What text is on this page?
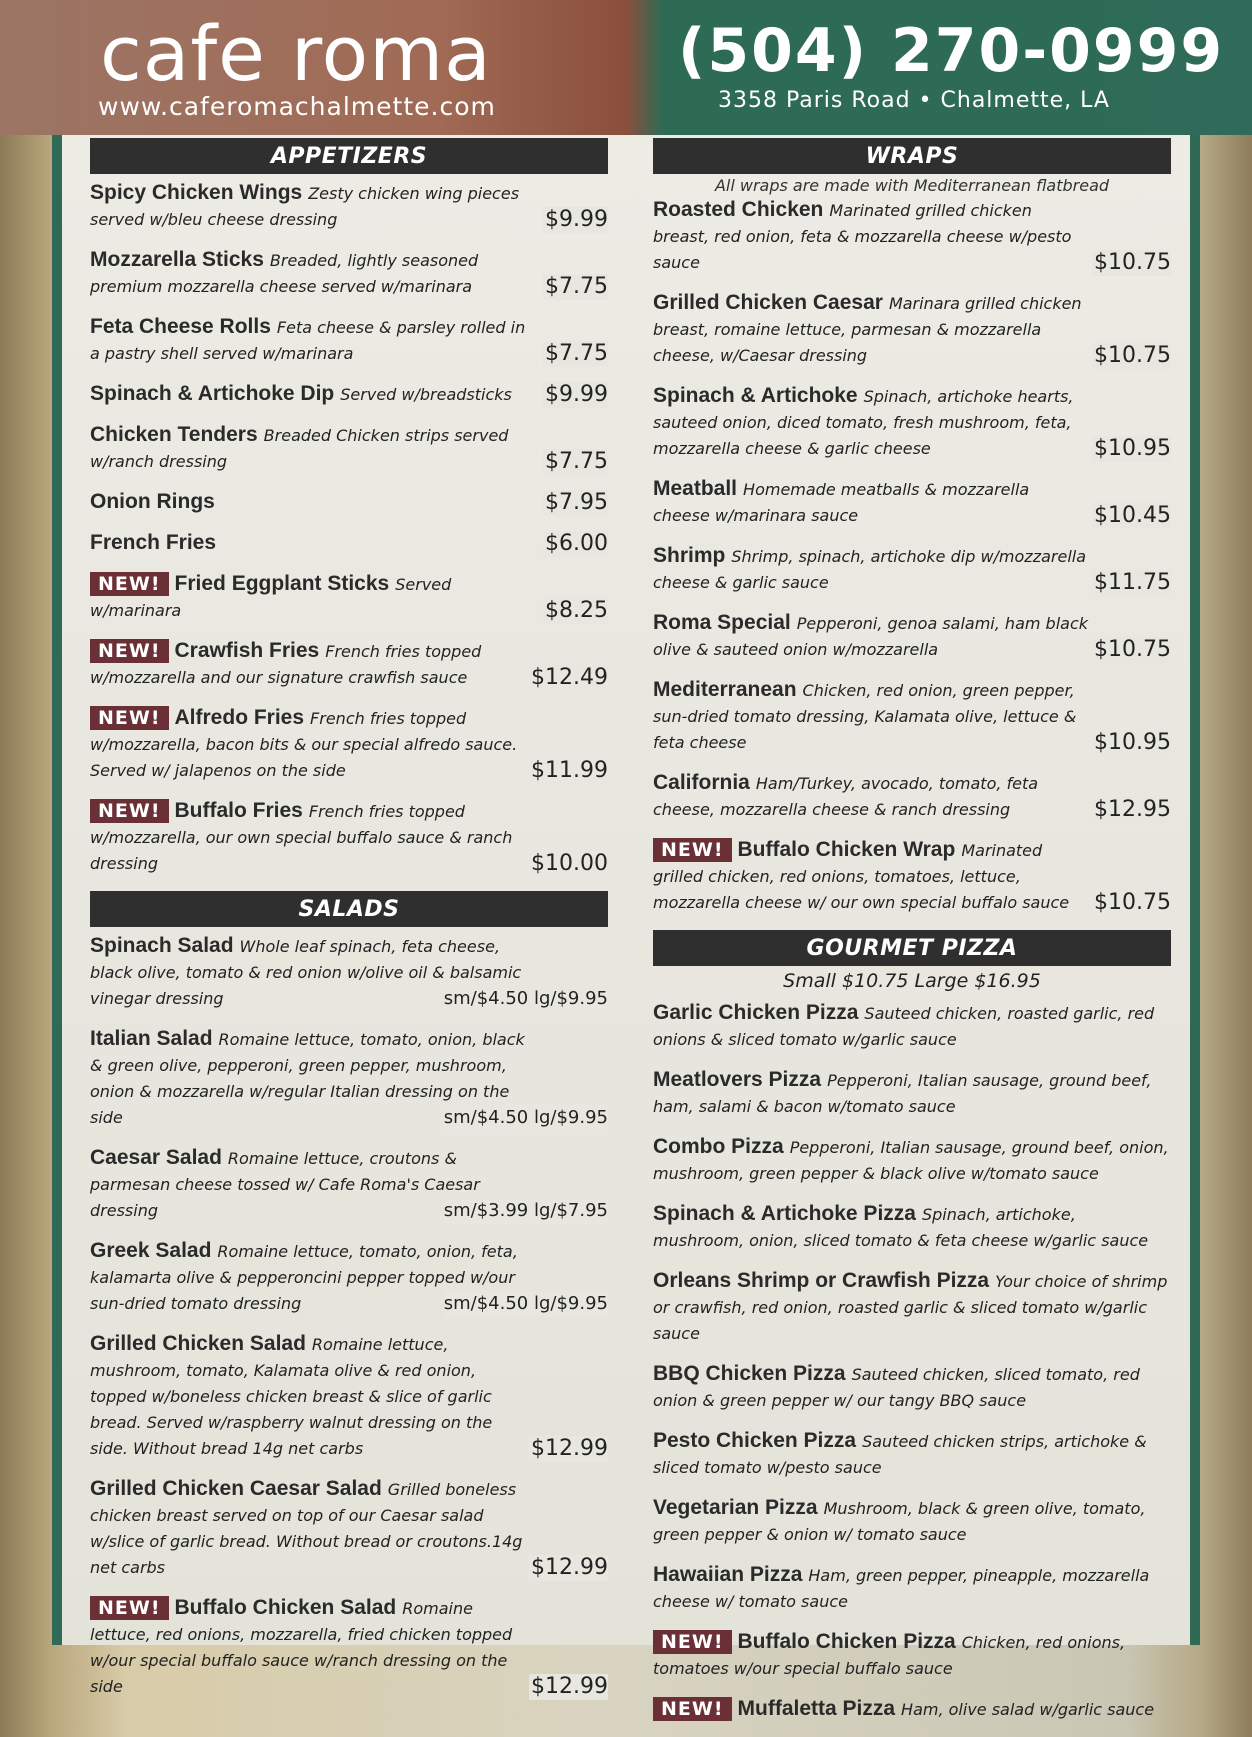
cafe roma
www.caferomachalmette.com
(504) 270-0999
3358 Paris Road • Chalmette, LA
APPETIZERS
Spicy Chicken Wings Zesty chicken wing pieces served w/bleu cheese dressing	$9.99
Mozzarella Sticks Breaded, lightly seasoned premium mozzarella cheese served w/marinara	$7.75
Feta Cheese Rolls Feta cheese & parsley rolled in a pastry shell served w/marinara	$7.75
Spinach & Artichoke Dip Served w/breadsticks	$9.99
Chicken Tenders Breaded Chicken strips served w/ranch dressing	$7.75
Onion Rings	$7.95
French Fries	$6.00
NEW! Fried Eggplant Sticks Served w/marinara	$8.25
NEW! Crawfish Fries French fries topped w/mozzarella and our signature crawfish sauce	$12.49
NEW! Alfredo Fries French fries topped w/mozzarella, bacon bits & our special alfredo sauce. Served w/ jalapenos on the side	$11.99
NEW! Buffalo Fries French fries topped w/mozzarella, our own special buffalo sauce & ranch dressing	$10.00
SALADS
Spinach Salad Whole leaf spinach, feta cheese, black olive, tomato & red onion w/olive oil & balsamic vinegar dressing	sm/$4.50 lg/$9.95
Italian Salad Romaine lettuce, tomato, onion, black & green olive, pepperoni, green pepper, mushroom, onion & mozzarella w/regular Italian dressing on the side	sm/$4.50 lg/$9.95
Caesar Salad Romaine lettuce, croutons & parmesan cheese tossed w/ Cafe Roma's Caesar dressing	sm/$3.99 lg/$7.95
Greek Salad Romaine lettuce, tomato, onion, feta, kalamarta olive & pepperoncini pepper topped w/our sun-dried tomato dressing	sm/$4.50 lg/$9.95
Grilled Chicken Salad Romaine lettuce, mushroom, tomato, Kalamata olive & red onion, topped w/boneless chicken breast & slice of garlic bread. Served w/raspberry walnut dressing on the side. Without bread 14g net carbs	$12.99
Grilled Chicken Caesar Salad Grilled boneless chicken breast served on top of our Caesar salad w/slice of garlic bread. Without bread or croutons.14g net carbs	$12.99
NEW! Buffalo Chicken Salad Romaine lettuce, red onions, mozzarella, fried chicken topped w/our special buffalo sauce w/ranch dressing on the side	$12.99
WRAPS
All wraps are made with Mediterranean flatbread
Roasted Chicken Marinated grilled chicken breast, red onion, feta & mozzarella cheese w/pesto sauce	$10.75
Grilled Chicken Caesar Marinara grilled chicken breast, romaine lettuce, parmesan & mozzarella cheese, w/Caesar dressing	$10.75
Spinach & Artichoke Spinach, artichoke hearts, sauteed onion, diced tomato, fresh mushroom, feta, mozzarella cheese & garlic cheese	$10.95
Meatball Homemade meatballs & mozzarella cheese w/marinara sauce	$10.45
Shrimp Shrimp, spinach, artichoke dip w/mozzarella cheese & garlic sauce	$11.75
Roma Special Pepperoni, genoa salami, ham black olive & sauteed onion w/mozzarella	$10.75
Mediterranean Chicken, red onion, green pepper, sun-dried tomato dressing, Kalamata olive, lettuce & feta cheese	$10.95
California Ham/Turkey, avocado, tomato, feta cheese, mozzarella cheese & ranch dressing	$12.95
NEW! Buffalo Chicken Wrap Marinated grilled chicken, red onions, tomatoes, lettuce, mozzarella cheese w/ our own special buffalo sauce	$10.75
GOURMET PIZZA
Small $10.75 Large $16.95
Garlic Chicken Pizza Sauteed chicken, roasted garlic, red onions & sliced tomato w/garlic sauce
Meatlovers Pizza Pepperoni, Italian sausage, ground beef, ham, salami & bacon w/tomato sauce
Combo Pizza Pepperoni, Italian sausage, ground beef, onion, mushroom, green pepper & black olive w/tomato sauce
Spinach & Artichoke Pizza Spinach, artichoke, mushroom, onion, sliced tomato & feta cheese w/garlic sauce
Orleans Shrimp or Crawfish Pizza Your choice of shrimp or crawfish, red onion, roasted garlic & sliced tomato w/garlic sauce
BBQ Chicken Pizza Sauteed chicken, sliced tomato, red onion & green pepper w/ our tangy BBQ sauce
Pesto Chicken Pizza Sauteed chicken strips, artichoke & sliced tomato w/pesto sauce
Vegetarian Pizza Mushroom, black & green olive, tomato, green pepper & onion w/ tomato sauce
Hawaiian Pizza Ham, green pepper, pineapple, mozzarella cheese w/ tomato sauce
NEW! Buffalo Chicken Pizza Chicken, red onions, tomatoes w/our special buffalo sauce
NEW! Muffaletta Pizza Ham, olive salad w/garlic sauce
